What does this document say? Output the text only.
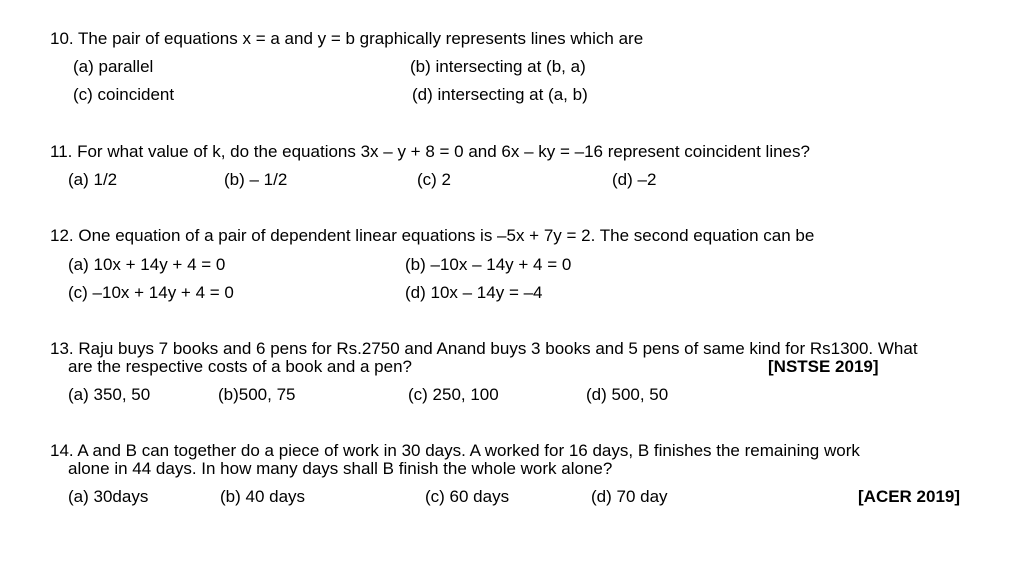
10. The pair of equations x = a and y = b graphically represents lines which are
(a) parallel	(b) intersecting at (b, a)
(c) coincident	(d) intersecting at (a, b)
11. For what value of k, do the equations 3x – y + 8 = 0 and 6x – ky = –16 represent coincident lines?
(a) 1/2	(b) – 1/2	(c) 2	(d) –2
12. One equation of a pair of dependent linear equations is –5x + 7y = 2. The second equation can be
(a) 10x + 14y + 4 = 0	(b) –10x – 14y + 4 = 0
(c) –10x + 14y + 4 = 0	(d) 10x – 14y = –4
13. Raju buys 7 books and 6 pens for Rs.2750 and Anand buys 3 books and 5 pens of same kind for Rs1300. What
are the respective costs of a book and a pen?	[NSTSE 2019]
(a) 350, 50	(b)500, 75	(c) 250, 100	(d) 500, 50
14. A and B can together do a piece of work in 30 days. A worked for 16 days, B finishes the remaining work
alone in 44 days. In how many days shall B finish the whole work alone?
(a) 30days	(b) 40 days	(c) 60 days	(d) 70 day	[ACER 2019]
